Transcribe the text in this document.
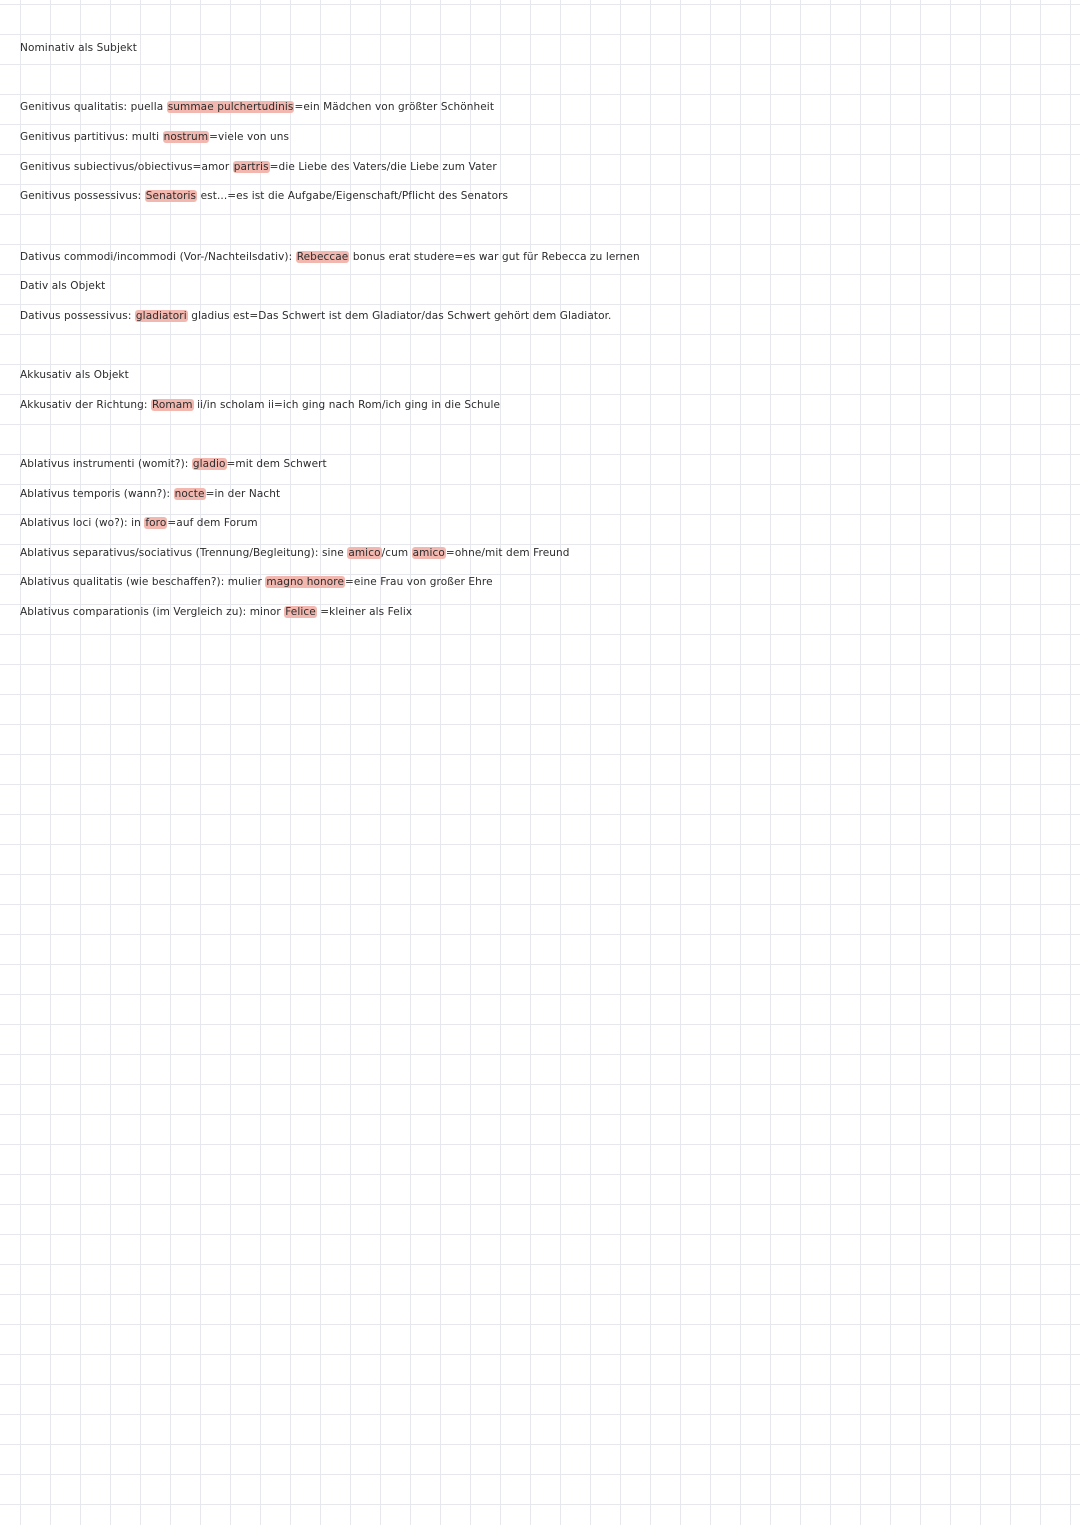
Nominativ als Subjekt
Genitivus qualitatis: puella summae pulchertudinis=ein Mädchen von größter Schönheit
Genitivus partitivus: multi nostrum=viele von uns
Genitivus subiectivus/obiectivus=amor partris=die Liebe des Vaters/die Liebe zum Vater
Genitivus possessivus: Senatoris est...=es ist die Aufgabe/Eigenschaft/Pflicht des Senators
Dativus commodi/incommodi (Vor-/Nachteilsdativ): Rebeccae bonus erat studere=es war gut für Rebecca zu lernen
Dativ als Objekt
Dativus possessivus: gladiatori gladius est=Das Schwert ist dem Gladiator/das Schwert gehört dem Gladiator.
Akkusativ als Objekt
Akkusativ der Richtung: Romam ii/in scholam ii=ich ging nach Rom/ich ging in die Schule
Ablativus instrumenti (womit?): gladio=mit dem Schwert
Ablativus temporis (wann?): nocte=in der Nacht
Ablativus loci (wo?): in foro=auf dem Forum
Ablativus separativus/sociativus (Trennung/Begleitung): sine amico/cum amico=ohne/mit dem Freund
Ablativus qualitatis (wie beschaffen?): mulier magno honore=eine Frau von großer Ehre
Ablativus comparationis (im Vergleich zu): minor Felice =kleiner als Felix
